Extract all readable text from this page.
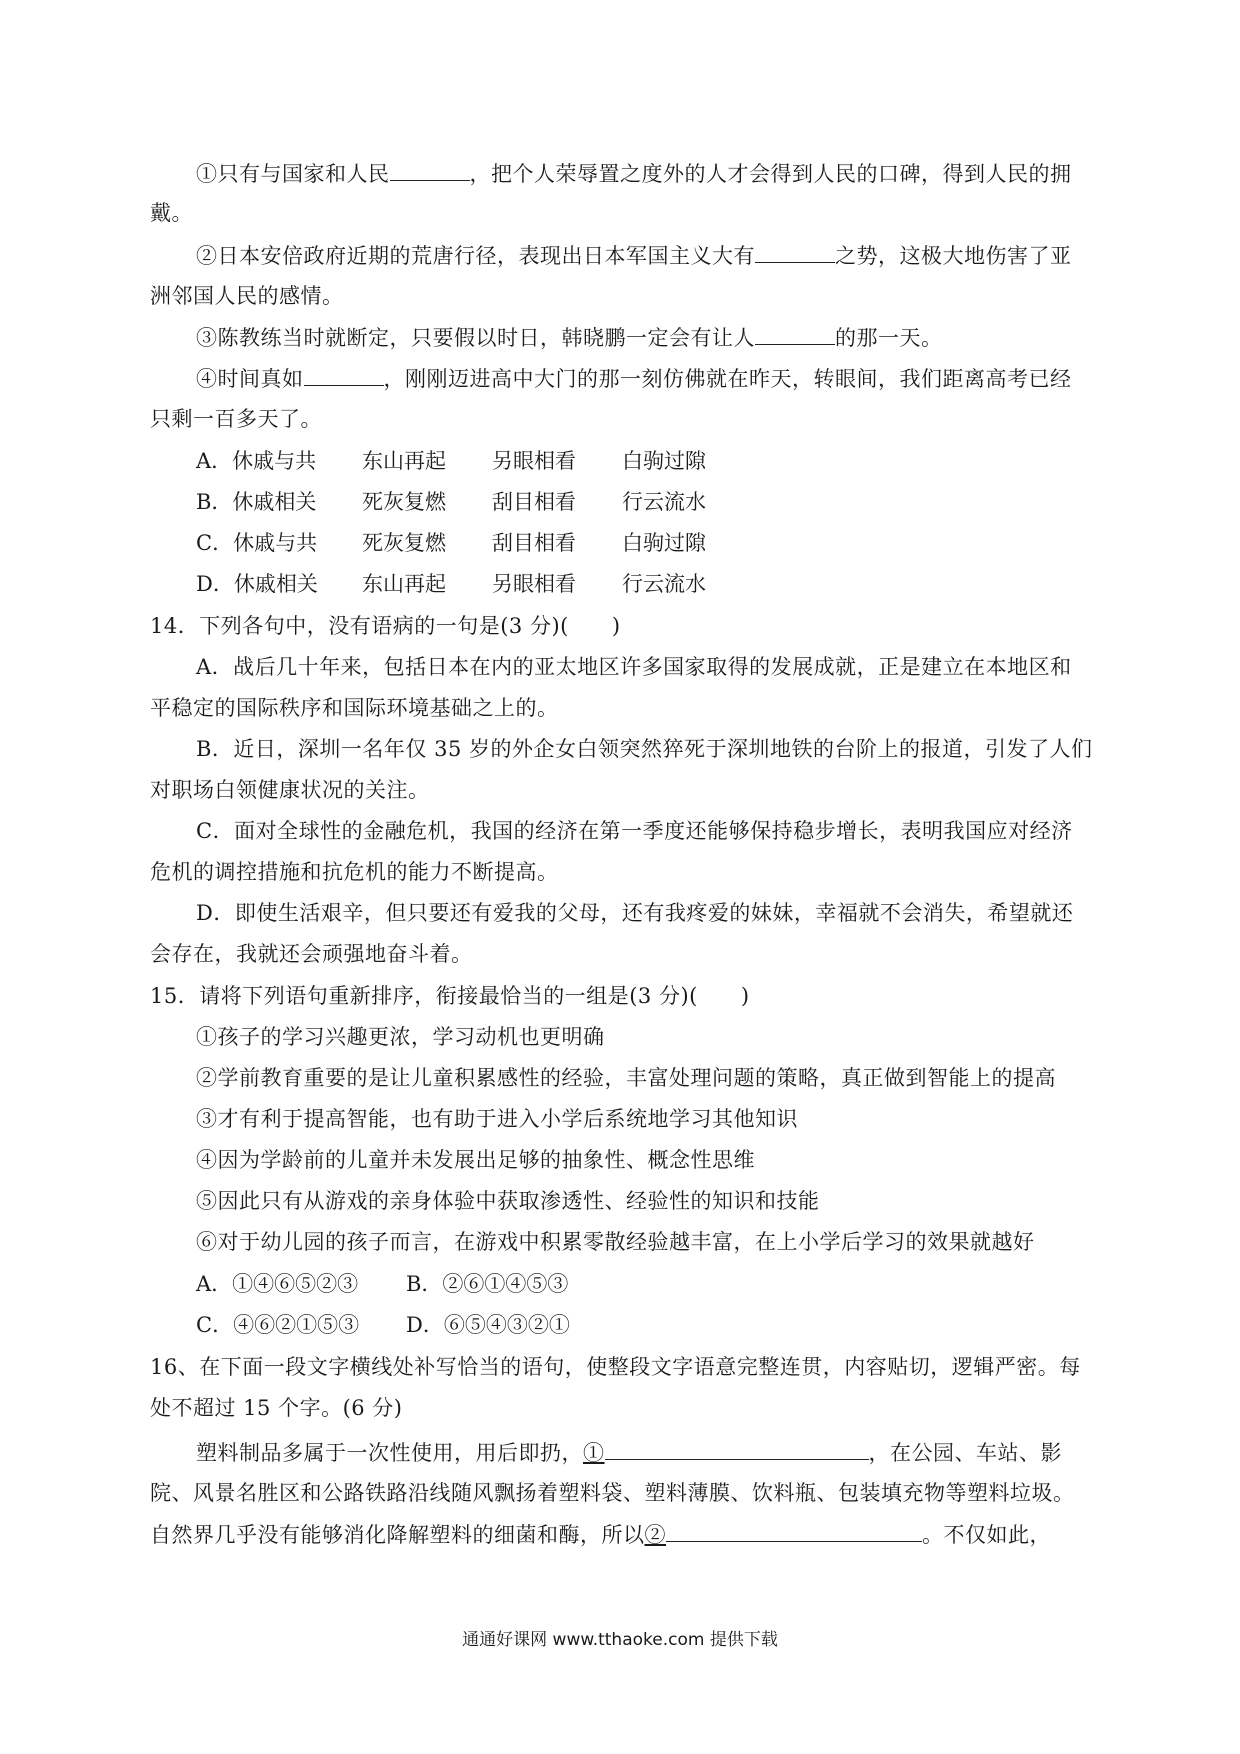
①只有与国家和人民	，把个人荣辱置之度外的人才会得到人民的口碑，得到人民的拥
戴。
②日本安倍政府近期的荒唐行径，表现出日本军国主义大有	之势，这极大地伤害了亚
洲邻国人民的感情。
③陈教练当时就断定，只要假以时日，韩晓鹏一定会有让人	的那一天。
④时间真如	，刚刚迈进高中大门的那一刻仿佛就在昨天，转眼间，我们距离高考已经
只剩一百多天了。
A．休戚与共 东山再起 另眼相看 白驹过隙
B．休戚相关 死灰复燃 刮目相看 行云流水
C．休戚与共 死灰复燃 刮目相看 白驹过隙
D．休戚相关 东山再起 另眼相看 行云流水
14．下列各句中，没有语病的一句是(3 分)(　　)
A．战后几十年来，包括日本在内的亚太地区许多国家取得的发展成就，正是建立在本地区和
平稳定的国际秩序和国际环境基础之上的。
B．近日，深圳一名年仅 35 岁的外企女白领突然猝死于深圳地铁的台阶上的报道，引发了人们
对职场白领健康状况的关注。
C．面对全球性的金融危机，我国的经济在第一季度还能够保持稳步增长，表明我国应对经济
危机的调控措施和抗危机的能力不断提高。
D．即使生活艰辛，但只要还有爱我的父母，还有我疼爱的妹妹，幸福就不会消失，希望就还
会存在，我就还会顽强地奋斗着。
15．请将下列语句重新排序，衔接最恰当的一组是(3 分)(　　)
①孩子的学习兴趣更浓，学习动机也更明确
②学前教育重要的是让儿童积累感性的经验，丰富处理问题的策略，真正做到智能上的提高
③才有利于提高智能，也有助于进入小学后系统地学习其他知识
④因为学龄前的儿童并未发展出足够的抽象性、概念性思维
⑤因此只有从游戏的亲身体验中获取渗透性、经验性的知识和技能
⑥对于幼儿园的孩子而言，在游戏中积累零散经验越丰富，在上小学后学习的效果就越好
A．①④⑥⑤②③ B．②⑥①④⑤③
C．④⑥②①⑤③ D．⑥⑤④③②①
16、在下面一段文字横线处补写恰当的语句，使整段文字语意完整连贯，内容贴切，逻辑严密。每
处不超过 15 个字。(6 分)
塑料制品多属于一次性使用，用后即扔，①	，在公园、车站、影
院、风景名胜区和公路铁路沿线随风飘扬着塑料袋、塑料薄膜、饮料瓶、包装填充物等塑料垃圾。
自然界几乎没有能够消化降解塑料的细菌和酶，所以②	。不仅如此，
通通好课网 www.tthaoke.com 提供下载
